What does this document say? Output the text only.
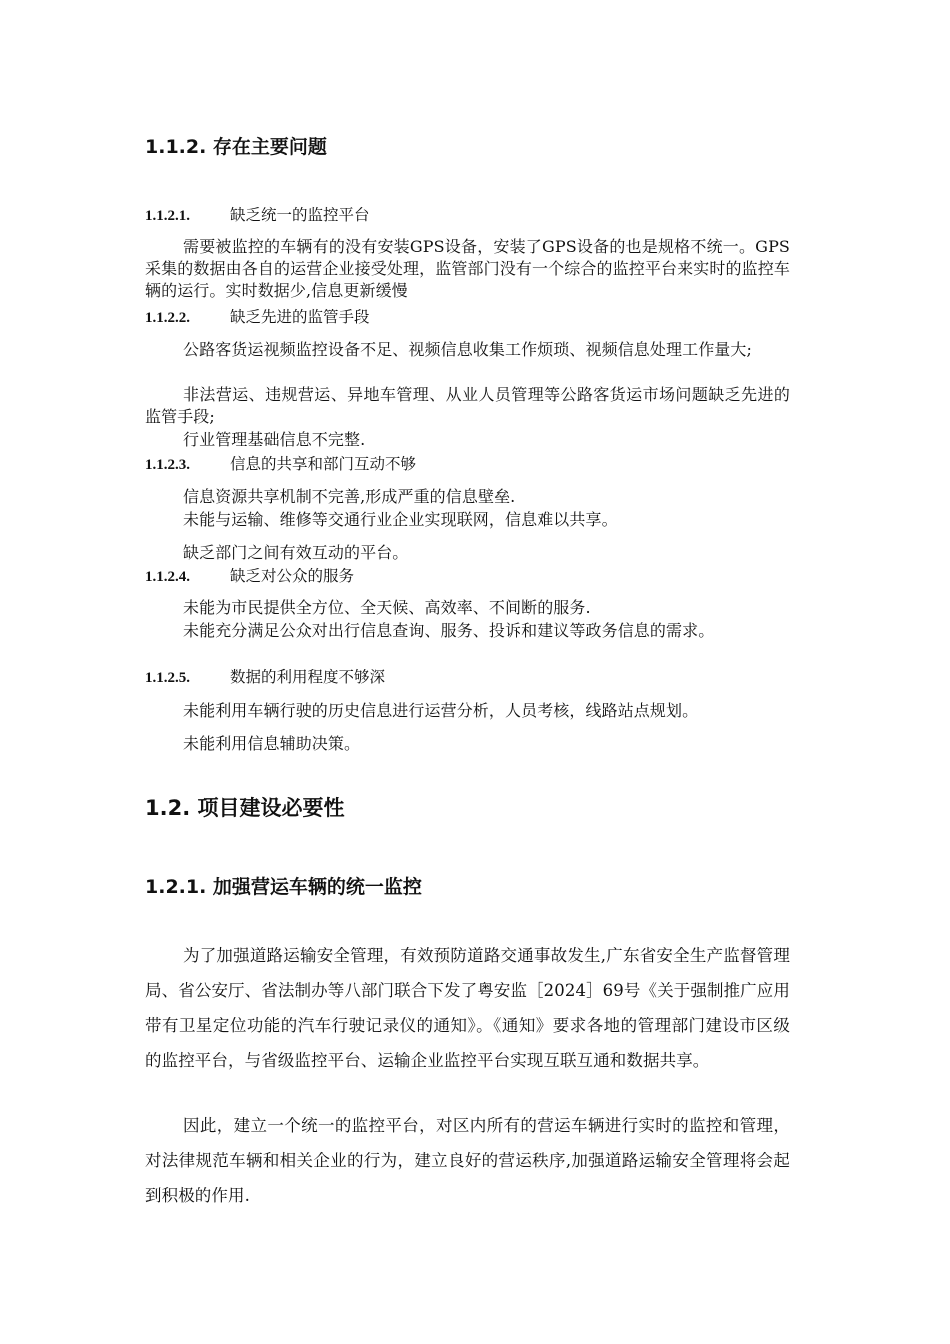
1.1.2. 存在主要问题
1.1.2.1.	缺乏统一的监控平台
需要被监控的车辆有的没有安装GPS设备，安装了GPS设备的也是规格不统一。GPS采集的数据由各自的运营企业接受处理，监管部门没有一个综合的监控平台来实时的监控车辆的运行。实时数据少,信息更新缓慢
1.1.2.2.	缺乏先进的监管手段
公路客货运视频监控设备不足、视频信息收集工作烦琐、视频信息处理工作量大;
非法营运、违规营运、异地车管理、从业人员管理等公路客货运市场问题缺乏先进的监管手段;
行业管理基础信息不完整.
1.1.2.3.	信息的共享和部门互动不够
信息资源共享机制不完善,形成严重的信息壁垒.
未能与运输、维修等交通行业企业实现联网，信息难以共享。
缺乏部门之间有效互动的平台。
1.1.2.4.	缺乏对公众的服务
未能为市民提供全方位、全天候、高效率、不间断的服务.
未能充分满足公众对出行信息查询、服务、投诉和建议等政务信息的需求。
1.1.2.5.	数据的利用程度不够深
未能利用车辆行驶的历史信息进行运营分析，人员考核，线路站点规划。
未能利用信息辅助决策。
1.2. 项目建设必要性
1.2.1. 加强营运车辆的统一监控
为了加强道路运输安全管理，有效预防道路交通事故发生,广东省安全生产监督管理局、省公安厅、省法制办等八部门联合下发了粤安监［2024］69号《关于强制推广应用带有卫星定位功能的汽车行驶记录仪的通知》。《通知》要求各地的管理部门建设市区级的监控平台，与省级监控平台、运输企业监控平台实现互联互通和数据共享。
因此，建立一个统一的监控平台，对区内所有的营运车辆进行实时的监控和管理，对法律规范车辆和相关企业的行为，建立良好的营运秩序,加强道路运输安全管理将会起到积极的作用.
